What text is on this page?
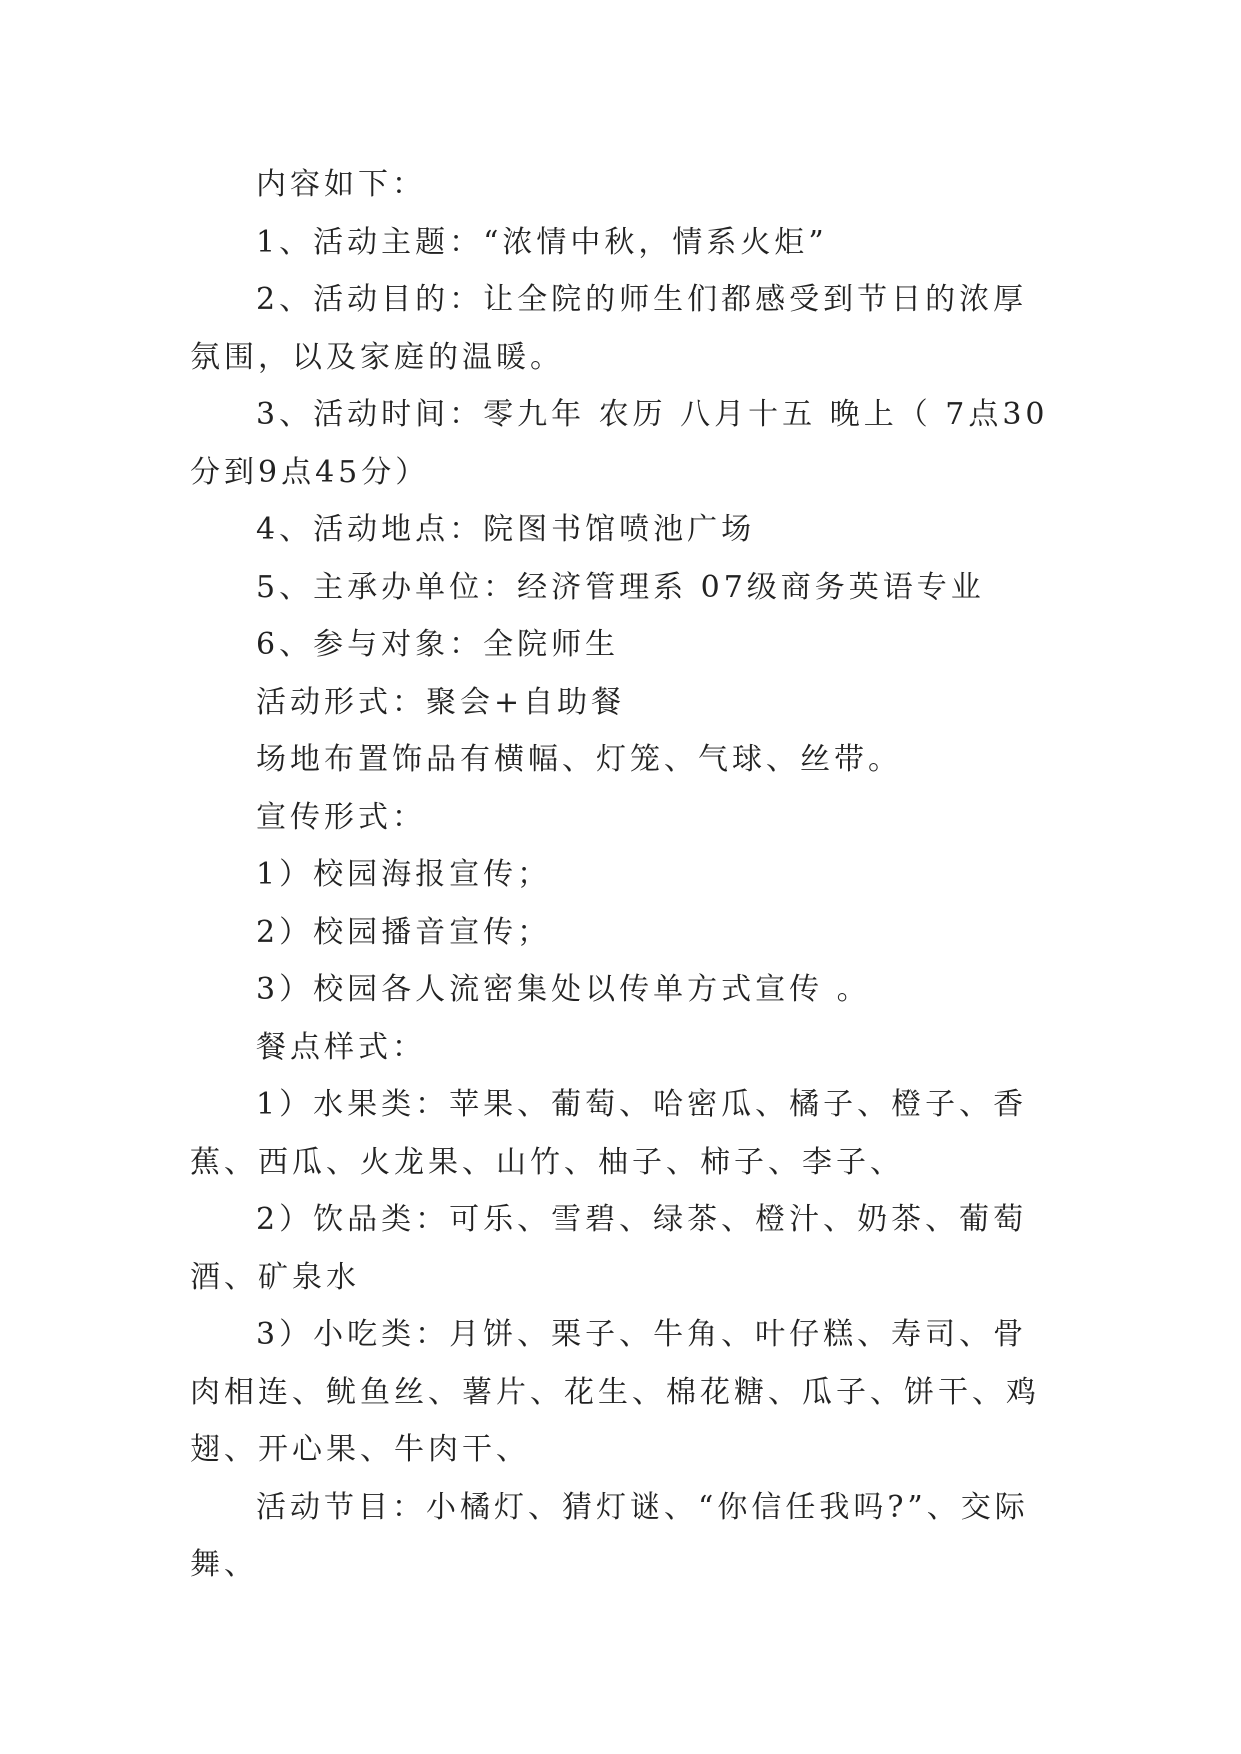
内容如下：

1、活动主题：“浓情中秋，情系火炬”

2、活动目的：让全院的师生们都感受到节日的浓厚氛围，以及家庭的温暖。

3、活动时间：零九年 农历 八月十五 晚上（ 7点30分到9点45分）

4、活动地点：院图书馆喷池广场

5、主承办单位：经济管理系 07级商务英语专业

6、参与对象：全院师生

活动形式：聚会+自助餐

场地布置饰品有横幅、灯笼、气球、丝带。

宣传形式：

1）校园海报宣传；

2）校园播音宣传；

3）校园各人流密集处以传单方式宣传 。

餐点样式：

1）水果类：苹果、葡萄、哈密瓜、橘子、橙子、香蕉、西瓜、火龙果、山竹、柚子、柿子、李子、

2）饮品类：可乐、雪碧、绿茶、橙汁、奶茶、葡萄酒、矿泉水

3）小吃类：月饼、栗子、牛角、叶仔糕、寿司、骨肉相连、鱿鱼丝、薯片、花生、棉花糖、瓜子、饼干、鸡翅、开心果、牛肉干、

活动节目：小橘灯、猜灯谜、“你信任我吗?”、交际舞、
